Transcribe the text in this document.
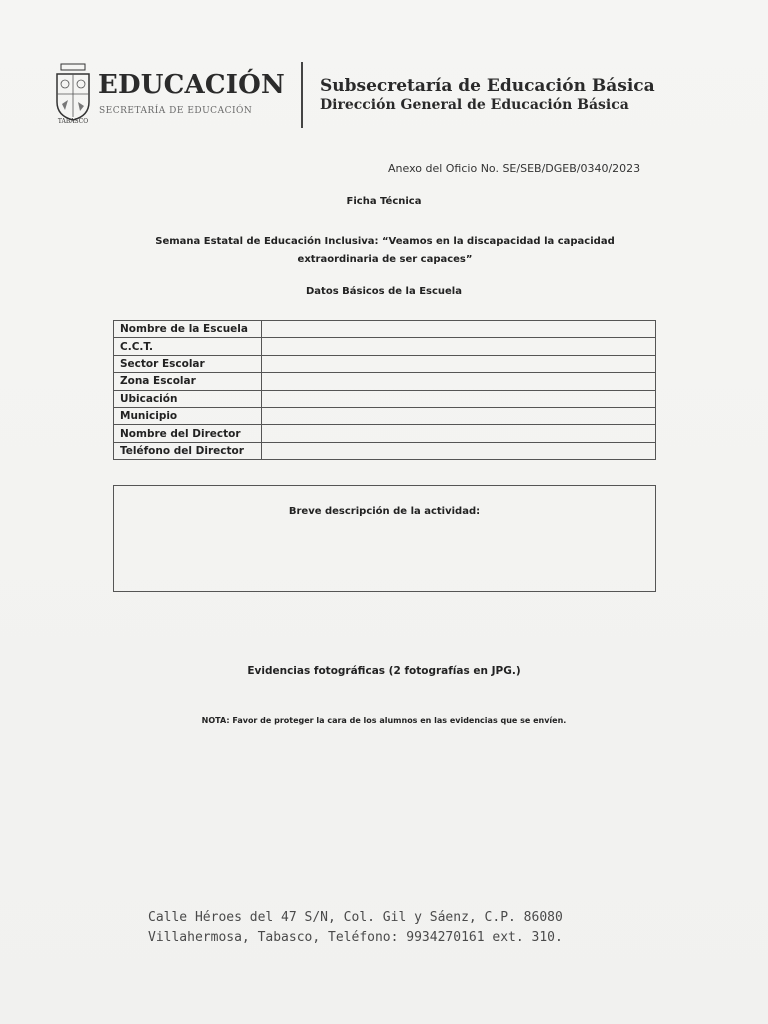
TABASCO
EDUCACIÓN
SECRETARÍA DE EDUCACIÓN
Subsecretaría de Educación Básica
Dirección General de Educación Básica
Anexo del Oficio No. SE/SEB/DGEB/0340/2023
Ficha Técnica
Semana Estatal de Educación Inclusiva: “Veamos en la discapacidad la capacidad extraordinaria de ser capaces”
Datos Básicos de la Escuela
Nombre de la Escuela	
C.C.T.	
Sector Escolar	
Zona Escolar	
Ubicación	
Municipio	
Nombre del Director	
Teléfono del Director	
Breve descripción de la actividad:
Evidencias fotográficas (2 fotografías en JPG.)
NOTA: Favor de proteger la cara de los alumnos en las evidencias que se envíen.
Calle Héroes del 47 S/N, Col. Gil y Sáenz, C.P. 86080
Villahermosa, Tabasco, Teléfono: 9934270161 ext. 310.
